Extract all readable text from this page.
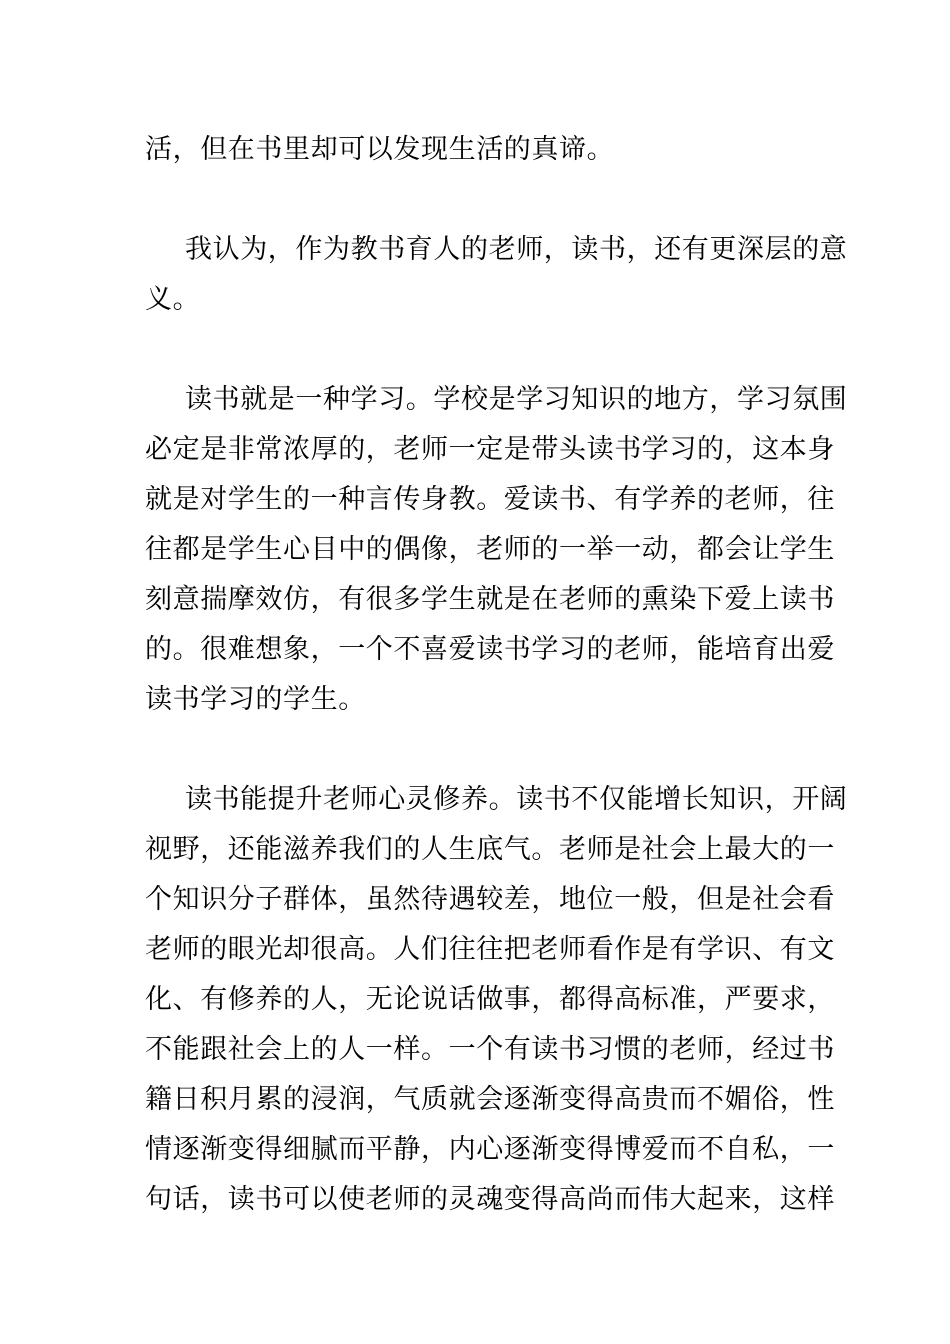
活，但在书里却可以发现生活的真谛。
我认为，作为教书育人的老师，读书，还有更深层的意
义。
读书就是一种学习。学校是学习知识的地方，学习氛围
必定是非常浓厚的，老师一定是带头读书学习的，这本身
就是对学生的一种言传身教。爱读书、有学养的老师，往
往都是学生心目中的偶像，老师的一举一动，都会让学生
刻意揣摩效仿，有很多学生就是在老师的熏染下爱上读书
的。很难想象，一个不喜爱读书学习的老师，能培育出爱
读书学习的学生。
读书能提升老师心灵修养。读书不仅能增长知识，开阔
视野，还能滋养我们的人生底气。老师是社会上最大的一
个知识分子群体，虽然待遇较差，地位一般，但是社会看
老师的眼光却很高。人们往往把老师看作是有学识、有文
化、有修养的人，无论说话做事，都得高标准，严要求，
不能跟社会上的人一样。一个有读书习惯的老师，经过书
籍日积月累的浸润，气质就会逐渐变得高贵而不媚俗，性
情逐渐变得细腻而平静，内心逐渐变得博爱而不自私，一
句话，读书可以使老师的灵魂变得高尚而伟大起来，这样
